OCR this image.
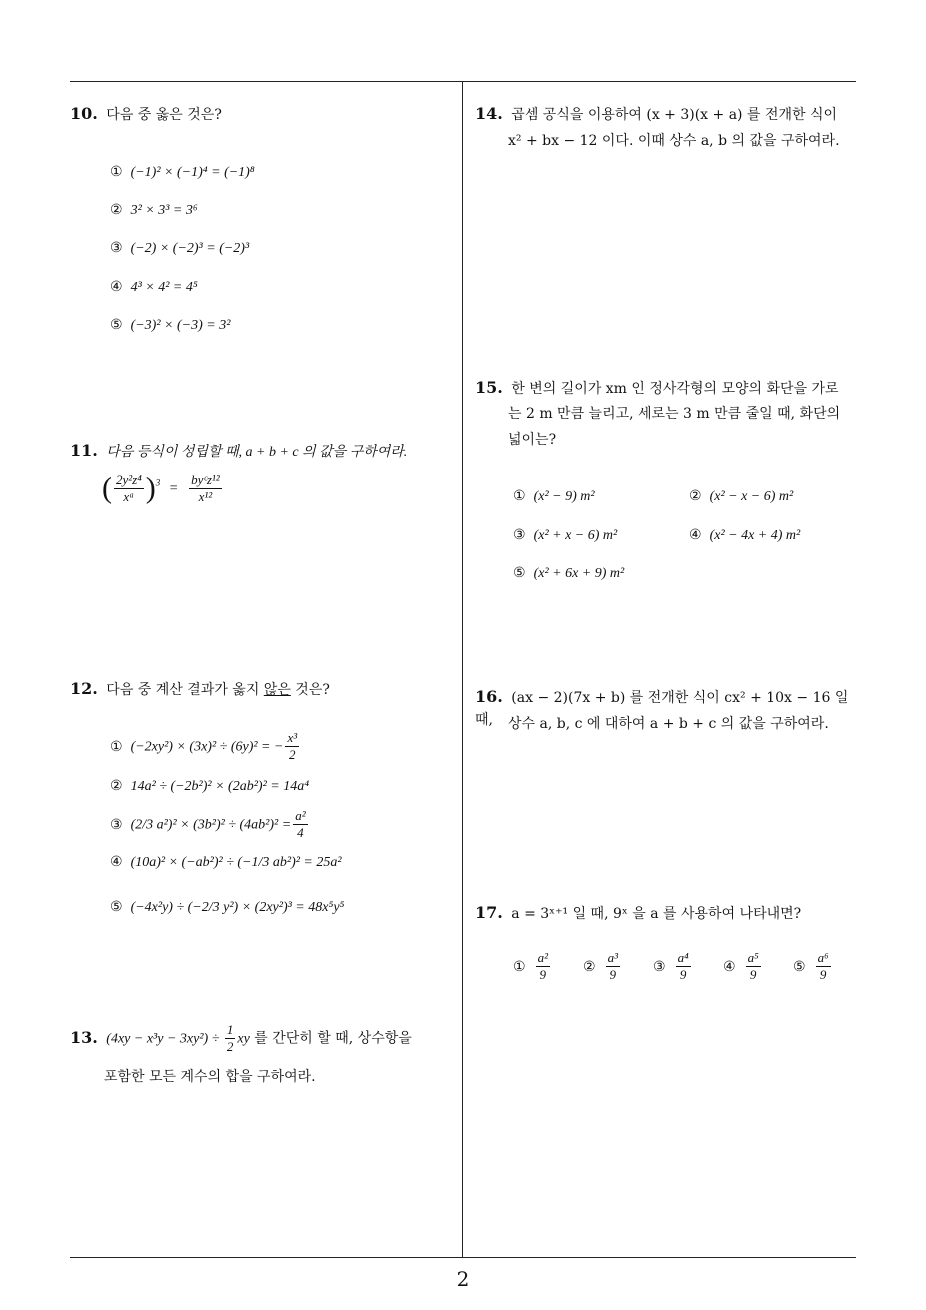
10. 다음 중 옳은 것은?
① (−1)² × (−1)⁴ = (−1)⁸
② 3² × 3³ = 3⁶
③ (−2) × (−2)³ = (−2)³
④ 4³ × 4² = 4⁵
⑤ (−3)² × (−3) = 3²
11. 다음 등식이 성립할 때, a + b + c 의 값을 구하여라.
( $\frac{\text{2y²z⁴}}{\text{xᵃ}} )^3 = \frac{\text{byᶜz¹²}}{\text{x¹²}}$
12. 다음 중 계산 결과가 옳지 않은 것은?
① (−2xy²) × (3x)² ÷ (6y)² = − $\frac{\text{x³}}{2}$
② 14a² ÷ (−2b²)² × (2ab²)² = 14a⁴
③ (2/3 $a^2)^2 \times (3b^2)^2 \div (4ab^2)^2 = \frac{\text{a²}}{4}$
④ (10a)² × (−ab²)² ÷ (−1/3 ab²)² = 25a²
⑤ (−4x²y) ÷ (−2/3 y²) × (2xy²)³ = 48x⁵y⁵
13. $(4xy - x^3y - 3xy^2) \div \frac{1}{2}$ xy 를 간단히 할 때, 상수항을
포함한 모든 계수의 합을 구하여라.
14. 곱셈 공식을 이용하여 (x + 3)(x + a) 를 전개한 식이
x² + bx − 12 이다. 이때 상수 a, b 의 값을 구하여라.
15. 한 변의 길이가 xm 인 정사각형의 모양의 화단을 가로
는 2 m 만큼 늘리고, 세로는 3 m 만큼 줄일 때, 화단의
넓이는?
① (x² − 9) m²	② (x² − x − 6) m²
③ (x² + x − 6) m²	④ (x² − 4x + 4) m²
⑤ (x² + 6x + 9) m²
16. (ax − 2)(7x + b) 를 전개한 식이 cx² + 10x − 16 일 때,	상수 a, b, c 에 대하여 a + b + c 의 값을 구하여라.
17. a = 3ˣ⁺¹ 일 때, 9ˣ 을 a 를 사용하여 나타내면?
① $\frac{\text{a²}}{9}$ ② $\frac{\text{a³}}{9}$ ③ $\frac{\text{a⁴}}{9}$ ④ $\frac{\text{a⁵}}{9}$ ⑤ $\frac{\text{a⁶}}{9}$
2
